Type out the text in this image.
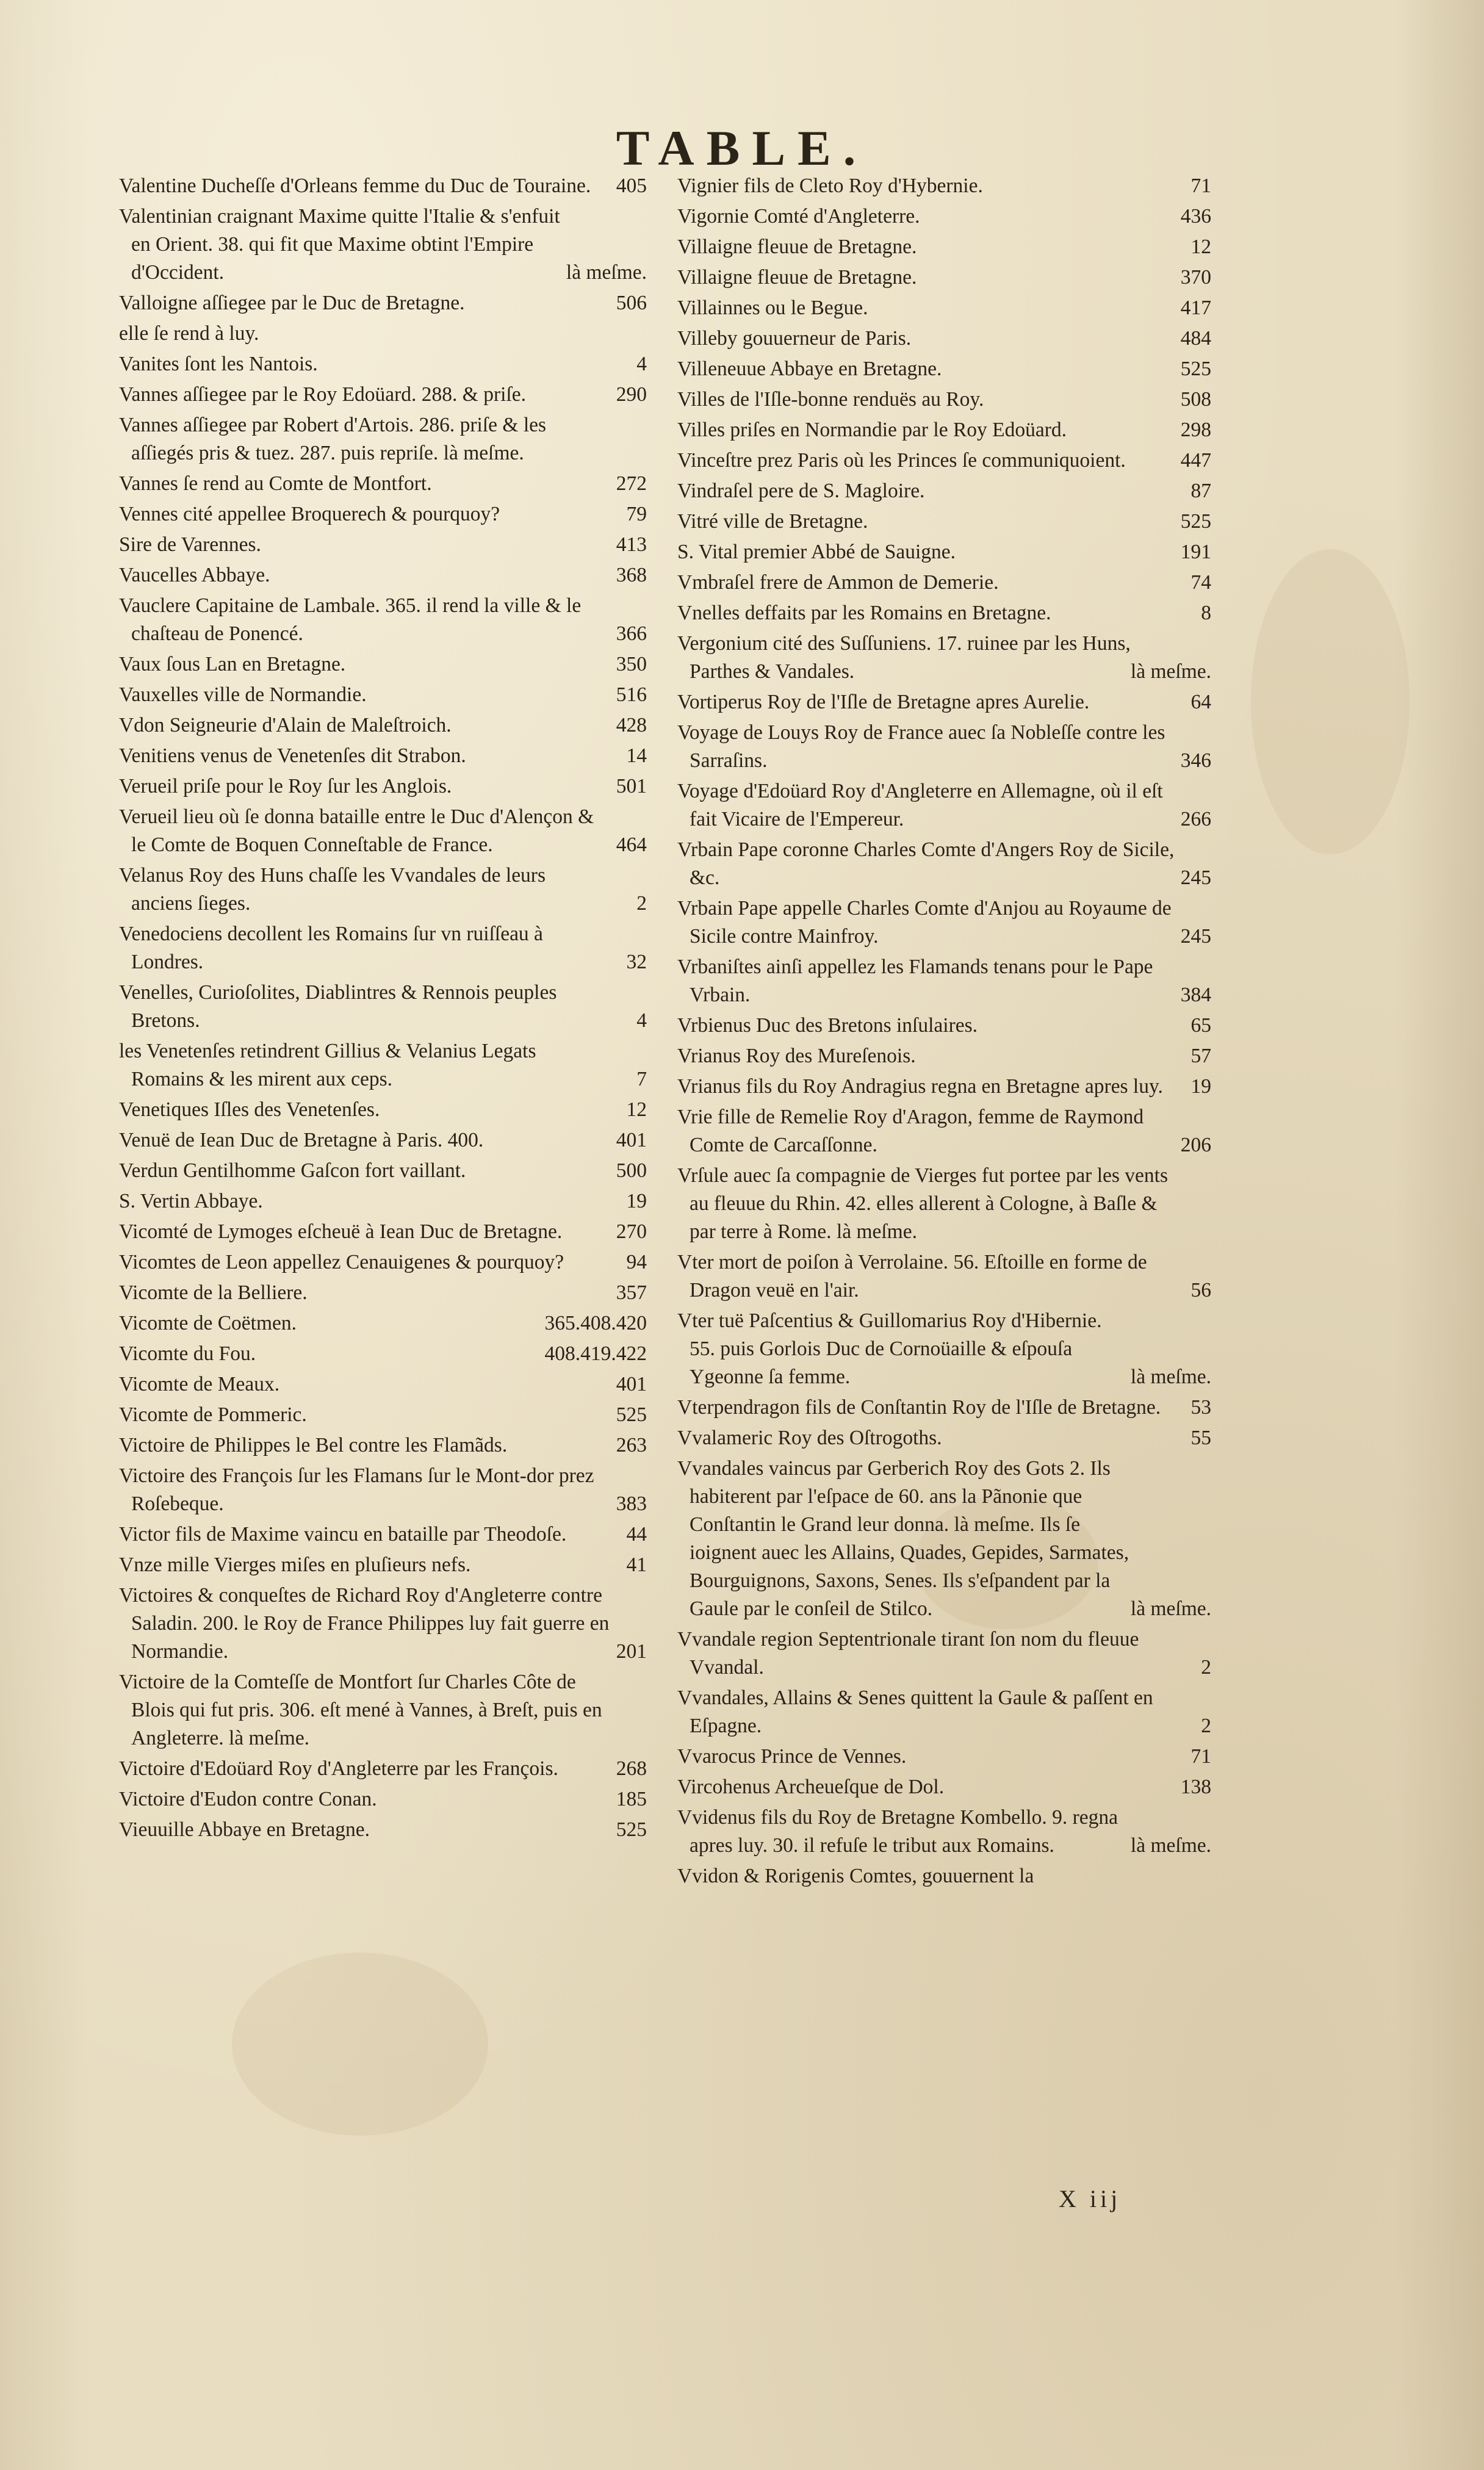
TABLE.
Valentine Ducheſſe d'Orleans femme du Duc de Touraine.	405
Valentinian craignant Maxime quitte l'Italie & s'enfuit en Orient. 38. qui fit que Maxime obtint l'Empire d'Occident.	là meſme.
Valloigne aſſiegee par le Duc de Bretagne.	506
elle ſe rend à luy.
Vanites ſont les Nantois.	4
Vannes aſſiegee par le Roy Edoüard. 288. & priſe.	290
Vannes aſſiegee par Robert d'Artois. 286. priſe & les aſſiegés pris & tuez. 287. puis repriſe. là meſme.
Vannes ſe rend au Comte de Montfort.	272
Vennes cité appellee Broquerech & pourquoy?	79
Sire de Varennes.	413
Vaucelles Abbaye.	368
Vauclere Capitaine de Lambale. 365. il rend la ville & le chaſteau de Ponencé.	366
Vaux ſous Lan en Bretagne.	350
Vauxelles ville de Normandie.	516
Vdon Seigneurie d'Alain de Maleſtroich.	428
Venitiens venus de Venetenſes dit Strabon.	14
Verueil priſe pour le Roy ſur les Anglois.	501
Verueil lieu où ſe donna bataille entre le Duc d'Alençon & le Comte de Boquen Conneſtable de France.	464
Velanus Roy des Huns chaſſe les Vvandales de leurs anciens ſieges.	2
Venedociens decollent les Romains ſur vn ruiſſeau à Londres.	32
Venelles, Curioſolites, Diablintres & Rennois peuples Bretons.	4
les Venetenſes retindrent Gillius & Velanius Legats Romains & les mirent aux ceps.	7
Venetiques Iſles des Venetenſes.	12
Venuë de Iean Duc de Bretagne à Paris. 400.	401
Verdun Gentilhomme Gaſcon fort vaillant.	500
S. Vertin Abbaye.	19
Vicomté de Lymoges eſcheuë à Iean Duc de Bretagne.	270
Vicomtes de Leon appellez Cenauigenes & pourquoy?	94
Vicomte de la Belliere.	357
Vicomte de Coëtmen.	365.408.420
Vicomte du Fou.	408.419.422
Vicomte de Meaux.	401
Vicomte de Pommeric.	525
Victoire de Philippes le Bel contre les Flamãds.	263
Victoire des François ſur les Flamans ſur le Mont-dor prez Roſebeque.	383
Victor fils de Maxime vaincu en bataille par Theodoſe.	44
Vnze mille Vierges miſes en pluſieurs nefs.	41
Victoires & conqueſtes de Richard Roy d'Angleterre contre Saladin. 200. le Roy de France Philippes luy fait guerre en Normandie.	201
Victoire de la Comteſſe de Montfort ſur Charles Côte de Blois qui fut pris. 306. eſt mené à Vannes, à Breſt, puis en Angleterre. là meſme.
Victoire d'Edoüard Roy d'Angleterre par les François.	268
Victoire d'Eudon contre Conan.	185
Vieuuille Abbaye en Bretagne.	525
Vignier fils de Cleto Roy d'Hybernie.	71
Vigornie Comté d'Angleterre.	436
Villaigne fleuue de Bretagne.	12
Villaigne fleuue de Bretagne.	370
Villainnes ou le Begue.	417
Villeby gouuerneur de Paris.	484
Villeneuue Abbaye en Bretagne.	525
Villes de l'Iſle-bonne renduës au Roy.	508
Villes priſes en Normandie par le Roy Edoüard.	298
Vinceſtre prez Paris où les Princes ſe communiquoient.	447
Vindraſel pere de S. Magloire.	87
Vitré ville de Bretagne.	525
S. Vital premier Abbé de Sauigne.	191
Vmbraſel frere de Ammon de Demerie.	74
Vnelles deffaits par les Romains en Bretagne.	8
Vergonium cité des Suſſuniens. 17. ruinee par les Huns, Parthes & Vandales.	là meſme.
Vortiperus Roy de l'Iſle de Bretagne apres Aurelie.	64
Voyage de Louys Roy de France auec ſa Nobleſſe contre les Sarraſins.	346
Voyage d'Edoüard Roy d'Angleterre en Allemagne, où il eſt fait Vicaire de l'Empereur.	266
Vrbain Pape coronne Charles Comte d'Angers Roy de Sicile, &c.	245
Vrbain Pape appelle Charles Comte d'Anjou au Royaume de Sicile contre Mainfroy.	245
Vrbaniſtes ainſi appellez les Flamands tenans pour le Pape Vrbain.	384
Vrbienus Duc des Bretons inſulaires.	65
Vrianus Roy des Mureſenois.	57
Vrianus fils du Roy Andragius regna en Bretagne apres luy.	19
Vrie fille de Remelie Roy d'Aragon, femme de Raymond Comte de Carcaſſonne.	206
Vrſule auec ſa compagnie de Vierges fut portee par les vents au fleuue du Rhin. 42. elles allerent à Cologne, à Baſle & par terre à Rome. là meſme.
Vter mort de poiſon à Verrolaine. 56. Eſtoille en forme de Dragon veuë en l'air.	56
Vter tuë Paſcentius & Guillomarius Roy d'Hibernie. 55. puis Gorlois Duc de Cornoüaille & eſpouſa Ygeonne ſa femme.	là meſme.
Vterpendragon fils de Conſtantin Roy de l'Iſle de Bretagne.	53
Vvalameric Roy des Oſtrogoths.	55
Vvandales vaincus par Gerberich Roy des Gots 2. Ils habiterent par l'eſpace de 60. ans la Pãnonie que Conſtantin le Grand leur donna. là meſme. Ils ſe ioignent auec les Allains, Quades, Gepides, Sarmates, Bourguignons, Saxons, Senes. Ils s'eſpandent par la Gaule par le conſeil de Stilco.	là meſme.
Vvandale region Septentrionale tirant ſon nom du fleuue Vvandal.	2
Vvandales, Allains & Senes quittent la Gaule & paſſent en Eſpagne.	2
Vvarocus Prince de Vennes.	71
Vircohenus Archeueſque de Dol.	138
Vvidenus fils du Roy de Bretagne Kombello. 9. regna apres luy. 30. il refuſe le tribut aux Romains.	là meſme.
Vvidon & Rorigenis Comtes, gouuernent la
X iij
